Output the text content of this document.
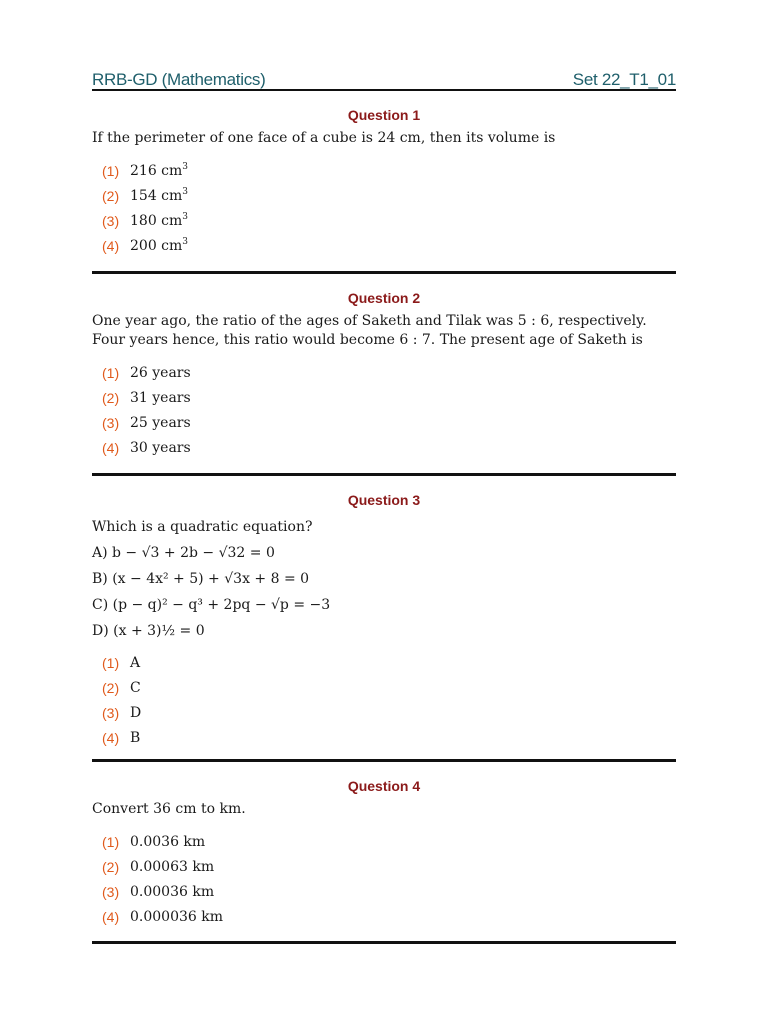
RRB-GD (Mathematics)	Set 22_T1_01
Question 1

If the perimeter of one face of a cube is 24 cm, then its volume is

(1) 216 $cm^3$
(2) 154 $cm^3$
(3) 180 $cm^3$
(4) 200 $cm^3$
Question 2

One year ago, the ratio of the ages of Saketh and Tilak was 5 : 6, respectively. Four years hence, this ratio would become 6 : 7. The present age of Saketh is

(1) 26 years
(2) 31 years
(3) 25 years
(4) 30 years
Question 3

Which is a quadratic equation?

A) b − √3 + 2b − √32 = 0

B) (x − 4x² + 5) + √3x + 8 = 0

C) (p − q)² − q³ + 2pq − √p = −3

D) (x + 3)½ = 0

(1) A
(2) C
(3) D
(4) B
Question 4

Convert 36 cm to km.

(1) 0.0036 km
(2) 0.00063 km
(3) 0.00036 km
(4) 0.000036 km
